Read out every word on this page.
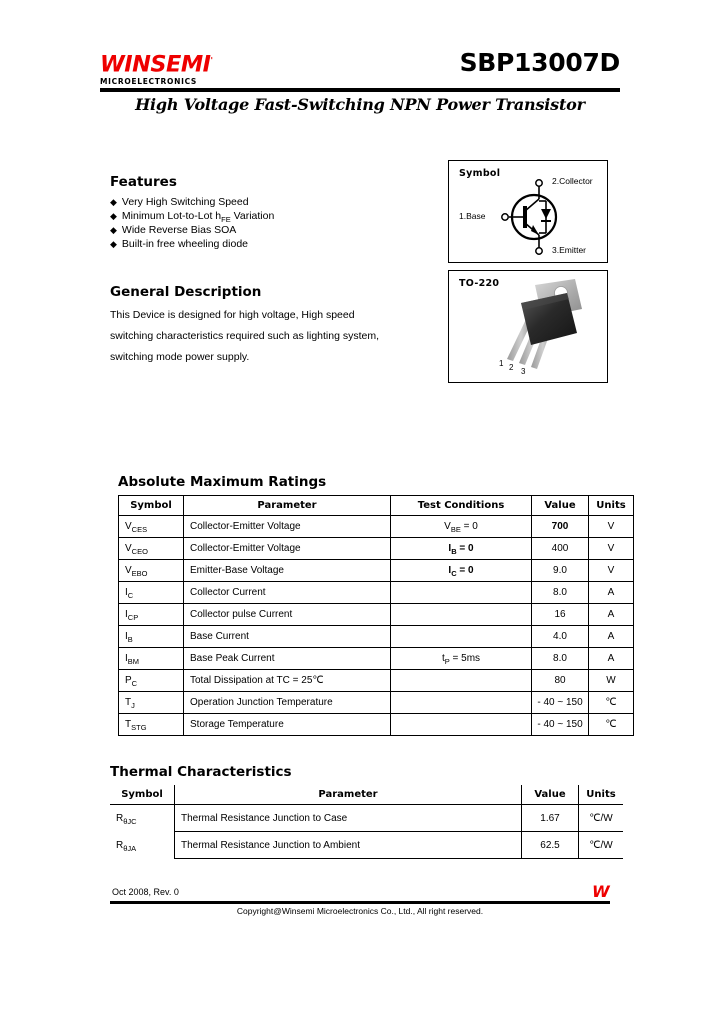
WINSEMI'
MICROELECTRONICS
SBP13007D
High Voltage Fast-Switching NPN Power Transistor
Features
◆ Very High Switching Speed
◆ Minimum Lot-to-Lot $h_{FE}$ Variation
◆ Wide Reverse Bias SOA
◆ Built-in free wheeling diode
General Description
This Device is designed for high voltage, High speed
switching characteristics required such as lighting system,
switching mode power supply.
Symbol
2.Collector
1.Base
3.Emitter
TO-220
1 2 3
Absolute Maximum Ratings
Symbol	Parameter	Test Conditions	Value	Units
$V_{CES}$	Collector-Emitter Voltage	$V_{BE} = 0$	700	V
$V_{CEO}$	Collector-Emitter Voltage	$I_B = 0$	400	V
$V_{EBO}$	Emitter-Base Voltage	$I_C = 0$	9.0	V
$I_C$	Collector Current		8.0	A
$I_{CP}$	Collector pulse Current		16	A
$I_B$	Base Current		4.0	A
$I_{BM}$	Base Peak Current	$t_P = 5ms$	8.0	A
$P_C$	Total Dissipation at TC = 25℃		80	W
$T_J$	Operation Junction Temperature		- 40 ~ 150	℃
$T_{STG}$	Storage Temperature		- 40 ~ 150	℃
Thermal Characteristics
Symbol	Parameter	Value	Units
$R_{\theta JC}$	Thermal Resistance Junction to Case	1.67	℃/W
$R_{\theta JA}$	Thermal Resistance Junction to Ambient	62.5	℃/W
Oct 2008, Rev. 0
Copyright@Winsemi Microelectronics Co., Ltd., All right reserved.
W
